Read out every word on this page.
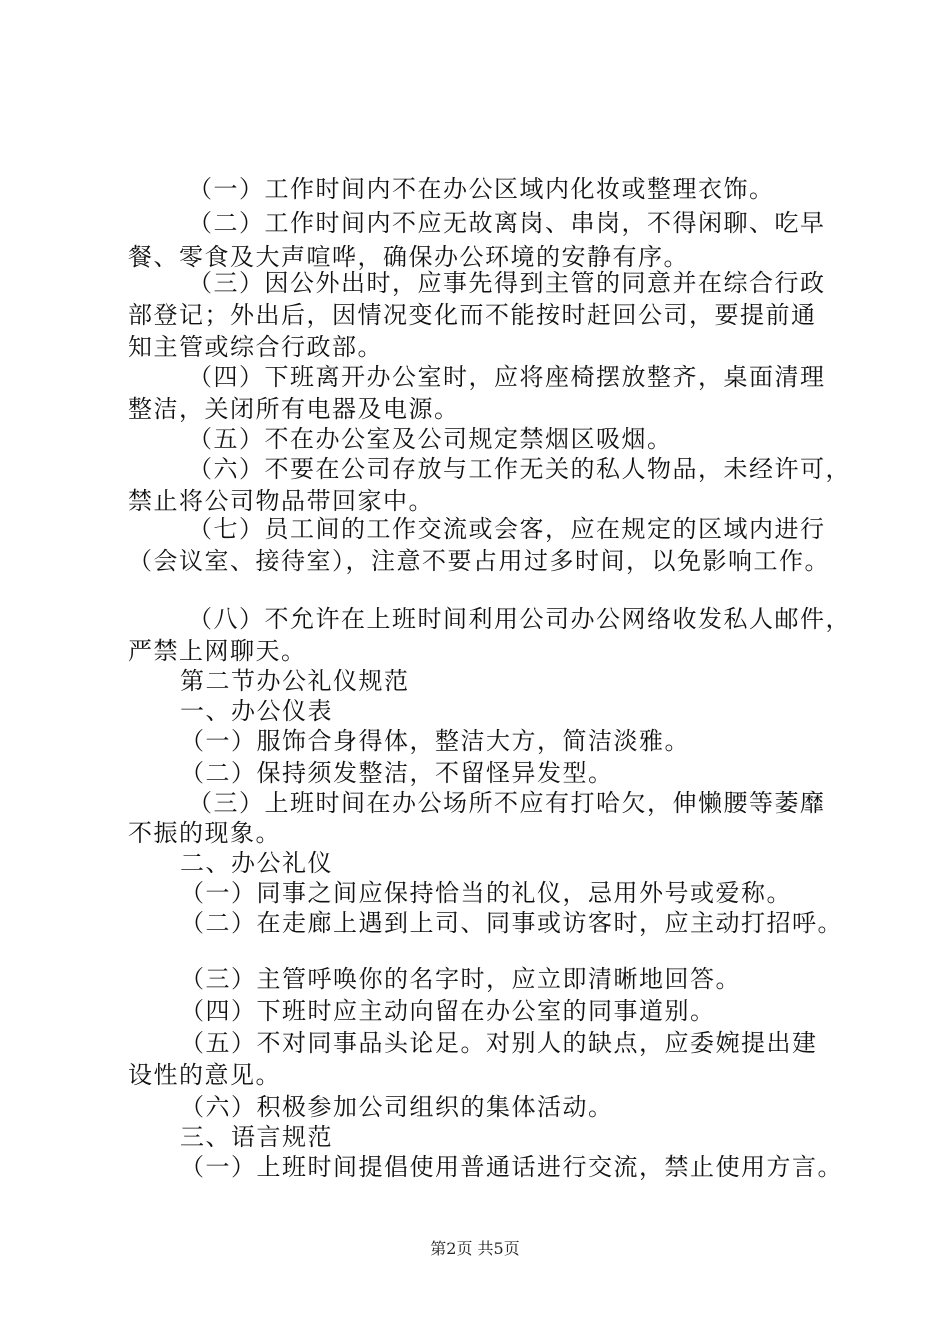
（一）工作时间内不在办公区域内化妆或整理衣饰。
（二）工作时间内不应无故离岗、串岗，不得闲聊、吃早
餐、零食及大声喧哗，确保办公环境的安静有序。
（三）因公外出时，应事先得到主管的同意并在综合行政
部登记；外出后，因情况变化而不能按时赶回公司，要提前通
知主管或综合行政部。
（四）下班离开办公室时，应将座椅摆放整齐，桌面清理
整洁，关闭所有电器及电源。
（五）不在办公室及公司规定禁烟区吸烟。
（六）不要在公司存放与工作无关的私人物品，未经许可，
禁止将公司物品带回家中。
（七）员工间的工作交流或会客，应在规定的区域内进行
（会议室、接待室），注意不要占用过多时间，以免影响工作。
（八）不允许在上班时间利用公司办公网络收发私人邮件，
严禁上网聊天。
第二节办公礼仪规范
一、办公仪表
（一）服饰合身得体，整洁大方，简洁淡雅。
（二）保持须发整洁，不留怪异发型。
（三）上班时间在办公场所不应有打哈欠，伸懒腰等萎靡
不振的现象。
二、办公礼仪
（一）同事之间应保持恰当的礼仪，忌用外号或爱称。
（二）在走廊上遇到上司、同事或访客时，应主动打招呼。
（三）主管呼唤你的名字时，应立即清晰地回答。
（四）下班时应主动向留在办公室的同事道别。
（五）不对同事品头论足。对别人的缺点，应委婉提出建
设性的意见。
（六）积极参加公司组织的集体活动。
三、语言规范
（一）上班时间提倡使用普通话进行交流，禁止使用方言。
第2页 共5页
